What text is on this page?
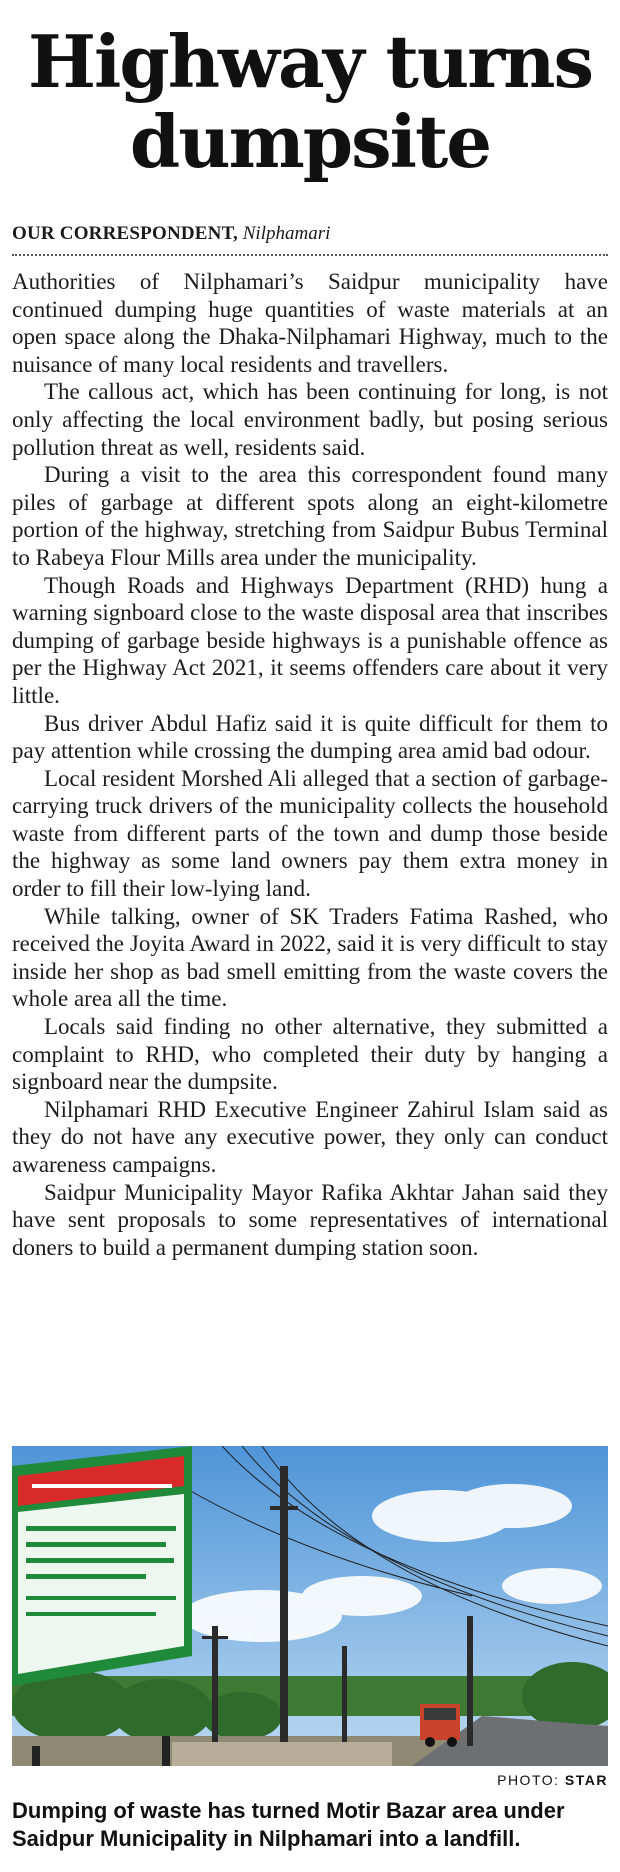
Highway turns
dumpsite
OUR CORRESPONDENT, Nilphamari

Authorities of Nilphamari’s Saidpur municipality have continued dumping huge quantities of waste materials at an open space along the Dhaka-Nilphamari Highway, much to the nuisance of many local residents and travellers.

The callous act, which has been continuing for long, is not only affecting the local environment badly, but posing serious pollution threat as well, residents said.

During a visit to the area this correspondent found many piles of garbage at different spots along an eight-kilometre portion of the highway, stretching from Saidpur Bubus Terminal to Rabeya Flour Mills area under the municipality.

Though Roads and Highways Department (RHD) hung a warning signboard close to the waste disposal area that inscribes dumping of garbage beside highways is a punishable offence as per the Highway Act 2021, it seems offenders care about it very little.

Bus driver Abdul Hafiz said it is quite difficult for them to pay attention while crossing the dumping area amid bad odour.

Local resident Morshed Ali alleged that a section of garbage-carrying truck drivers of the municipality collects the household waste from different parts of the town and dump those beside the highway as some land owners pay them extra money in order to fill their low-lying land.

While talking, owner of SK Traders Fatima Rashed, who received the Joyita Award in 2022, said it is very difficult to stay inside her shop as bad smell emitting from the waste covers the whole area all the time.

Locals said finding no other alternative, they submitted a complaint to RHD, who completed their duty by hanging a signboard near the dumpsite.

Nilphamari RHD Executive Engineer Zahirul Islam said as they do not have any executive power, they only can conduct awareness campaigns.

Saidpur Municipality Mayor Rafika Akhtar Jahan said they have sent proposals to some representatives of international doners to build a permanent dumping station soon.

PHOTO: STAR
Dumping of waste has turned Motir Bazar area under Saidpur Municipality in Nilphamari into a landfill.
